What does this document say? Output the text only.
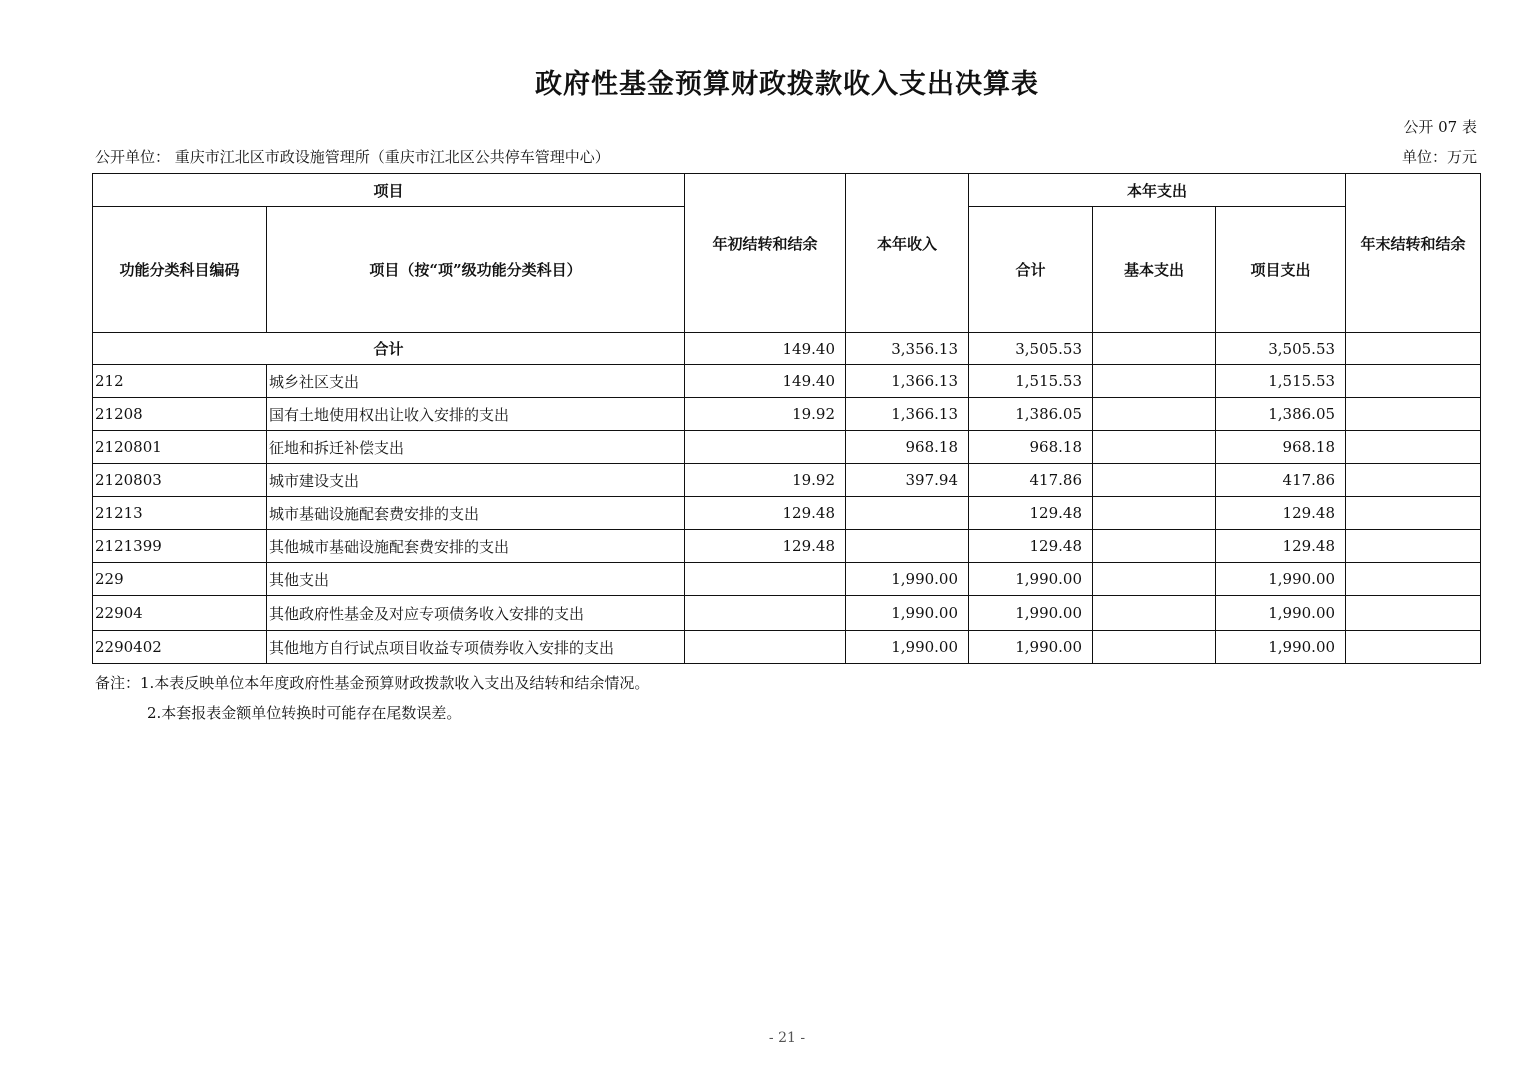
政府性基金预算财政拨款收入支出决算表
公开 07 表
公开单位： 重庆市江北区市政设施管理所（重庆市江北区公共停车管理中心）	单位：万元
项目		年初结转和结余	本年收入	本年支出			年末结转和结余
功能分类科目编码	项目（按“项”级功能分类科目）			合计	基本支出	项目支出	
合计		149.40	3,356.13	3,505.53		3,505.53	
212	城乡社区支出	149.40	1,366.13	1,515.53		1,515.53	
21208	国有土地使用权出让收入安排的支出	19.92	1,366.13	1,386.05		1,386.05	
2120801	征地和拆迁补偿支出		968.18	968.18		968.18	
2120803	城市建设支出	19.92	397.94	417.86		417.86	
21213	城市基础设施配套费安排的支出	129.48		129.48		129.48	
2121399	其他城市基础设施配套费安排的支出	129.48		129.48		129.48	
229	其他支出		1,990.00	1,990.00		1,990.00	
22904	其他政府性基金及对应专项债务收入安排的支出		1,990.00	1,990.00		1,990.00	
2290402	其他地方自行试点项目收益专项债券收入安排的支出		1,990.00	1,990.00		1,990.00	
备注：1.本表反映单位本年度政府性基金预算财政拨款收入支出及结转和结余情况。
2.本套报表金额单位转换时可能存在尾数误差。
- 21 -
